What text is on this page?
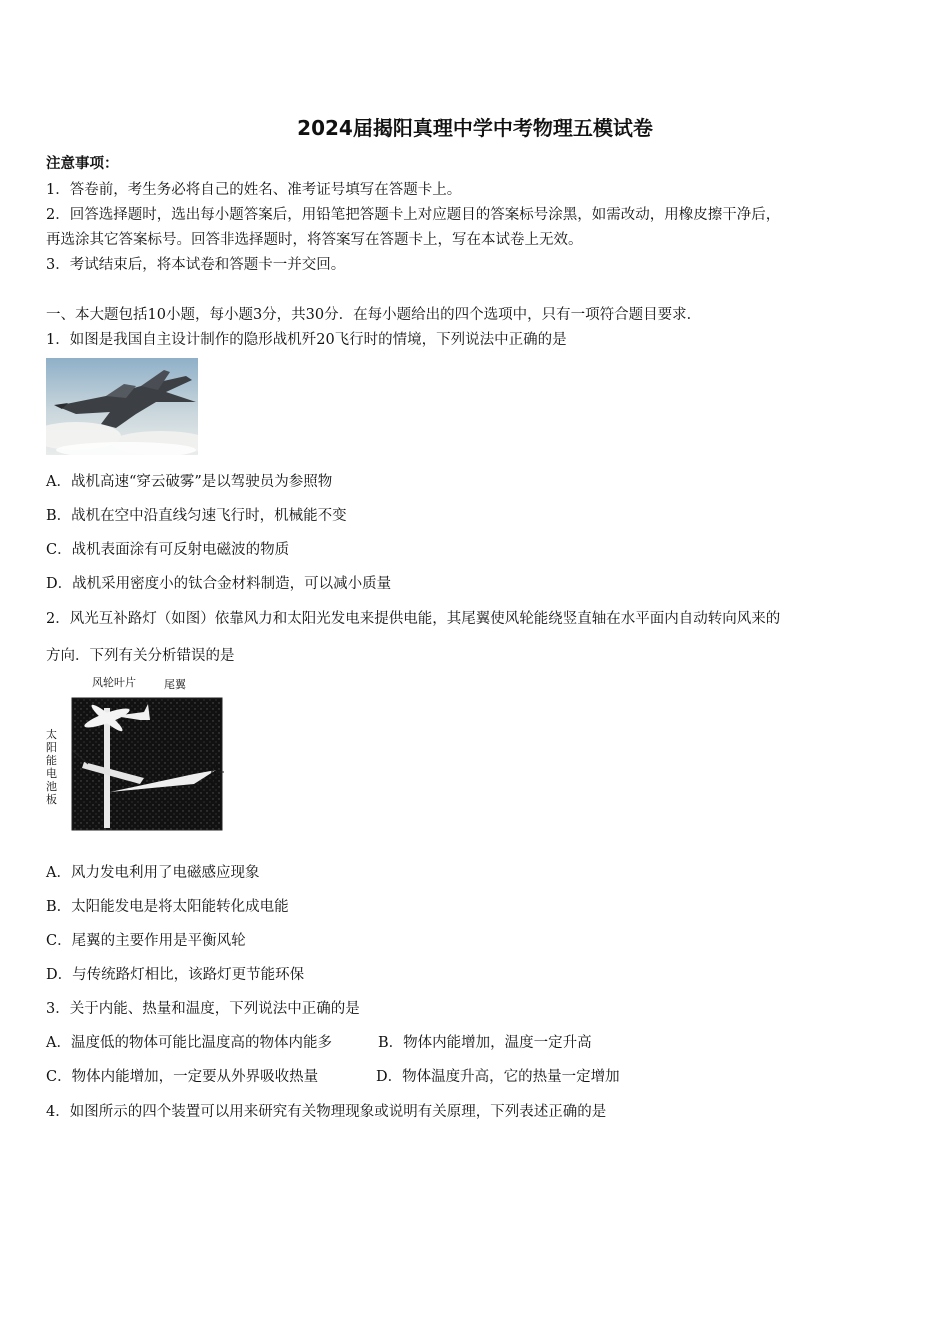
2024届揭阳真理中学中考物理五模试卷
注意事项：
1．答卷前，考生务必将自己的姓名、准考证号填写在答题卡上。
2．回答选择题时，选出每小题答案后，用铅笔把答题卡上对应题目的答案标号涂黑，如需改动，用橡皮擦干净后，
再选涂其它答案标号。回答非选择题时，将答案写在答题卡上，写在本试卷上无效。
3．考试结束后，将本试卷和答题卡一并交回。
一、本大题包括10小题，每小题3分，共30分．在每小题给出的四个选项中，只有一项符合题目要求．
1．如图是我国自主设计制作的隐形战机歼20飞行时的情境，下列说法中正确的是
A．战机高速“穿云破雾”是以驾驶员为参照物
B．战机在空中沿直线匀速飞行时，机械能不变
C．战机表面涂有可反射电磁波的物质
D．战机采用密度小的钛合金材料制造，可以减小质量
2．风光互补路灯（如图）依靠风力和太阳光发电来提供电能，其尾翼使风轮能绕竖直轴在水平面内自动转向风来的
方向．下列有关分析错误的是
风轮叶片	尾翼
太阳能电池板
路灯
A．风力发电利用了电磁感应现象
B．太阳能发电是将太阳能转化成电能
C．尾翼的主要作用是平衡风轮
D．与传统路灯相比，该路灯更节能环保
3．关于内能、热量和温度，下列说法中正确的是
A．温度低的物体可能比温度高的物体内能多	B．物体内能增加，温度一定升高
C．物体内能增加，一定要从外界吸收热量	D．物体温度升高，它的热量一定增加
4．如图所示的四个装置可以用来研究有关物理现象或说明有关原理，下列表述正确的是
